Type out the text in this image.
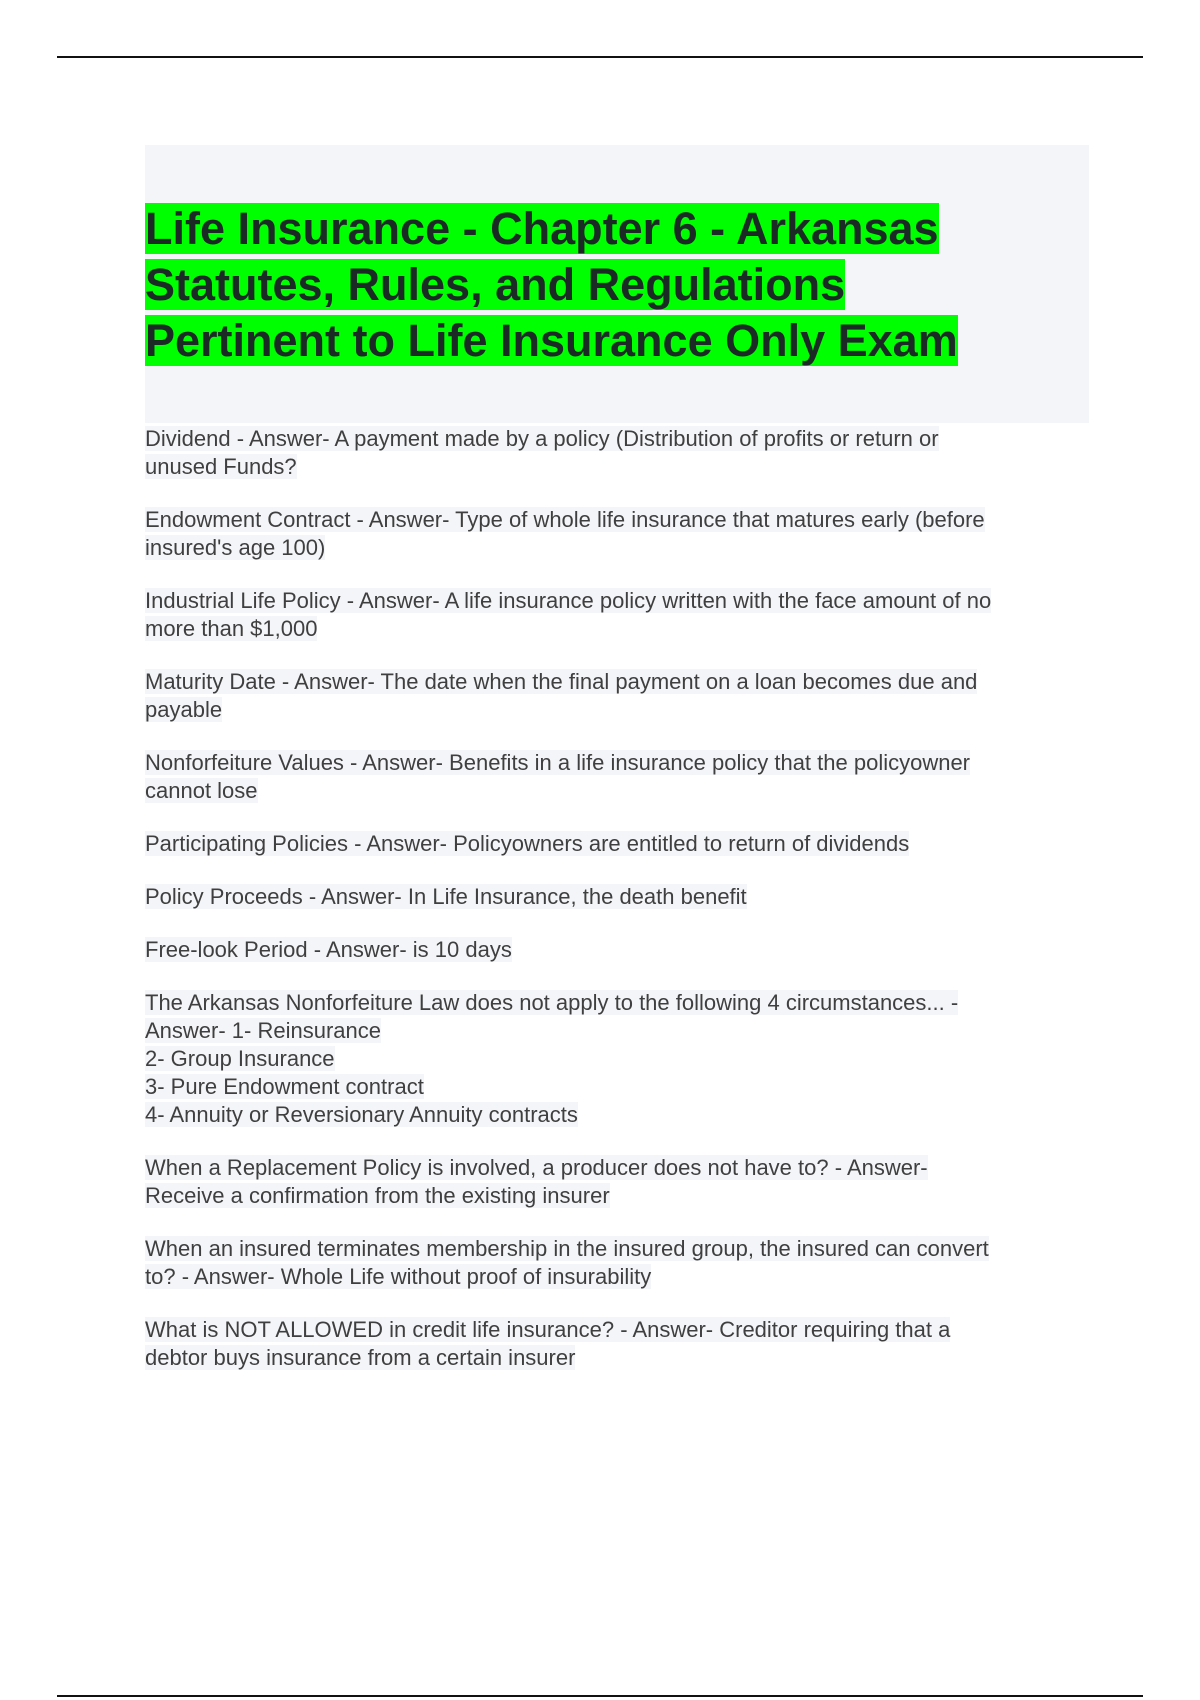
Life Insurance - Chapter 6 - Arkansas
Statutes, Rules, and Regulations
Pertinent to Life Insurance Only Exam

Dividend - Answer- A payment made by a policy (Distribution of profits or return or
unused Funds?

Endowment Contract - Answer- Type of whole life insurance that matures early (before
insured's age 100)

Industrial Life Policy - Answer- A life insurance policy written with the face amount of no
more than $1,000

Maturity Date - Answer- The date when the final payment on a loan becomes due and
payable

Nonforfeiture Values - Answer- Benefits in a life insurance policy that the policyowner
cannot lose

Participating Policies - Answer- Policyowners are entitled to return of dividends

Policy Proceeds - Answer- In Life Insurance, the death benefit

Free-look Period - Answer- is 10 days

The Arkansas Nonforfeiture Law does not apply to the following 4 circumstances... -
Answer- 1- Reinsurance
2- Group Insurance
3- Pure Endowment contract
4- Annuity or Reversionary Annuity contracts

When a Replacement Policy is involved, a producer does not have to? - Answer-
Receive a confirmation from the existing insurer

When an insured terminates membership in the insured group, the insured can convert
to? - Answer- Whole Life without proof of insurability

What is NOT ALLOWED in credit life insurance? - Answer- Creditor requiring that a
debtor buys insurance from a certain insurer
